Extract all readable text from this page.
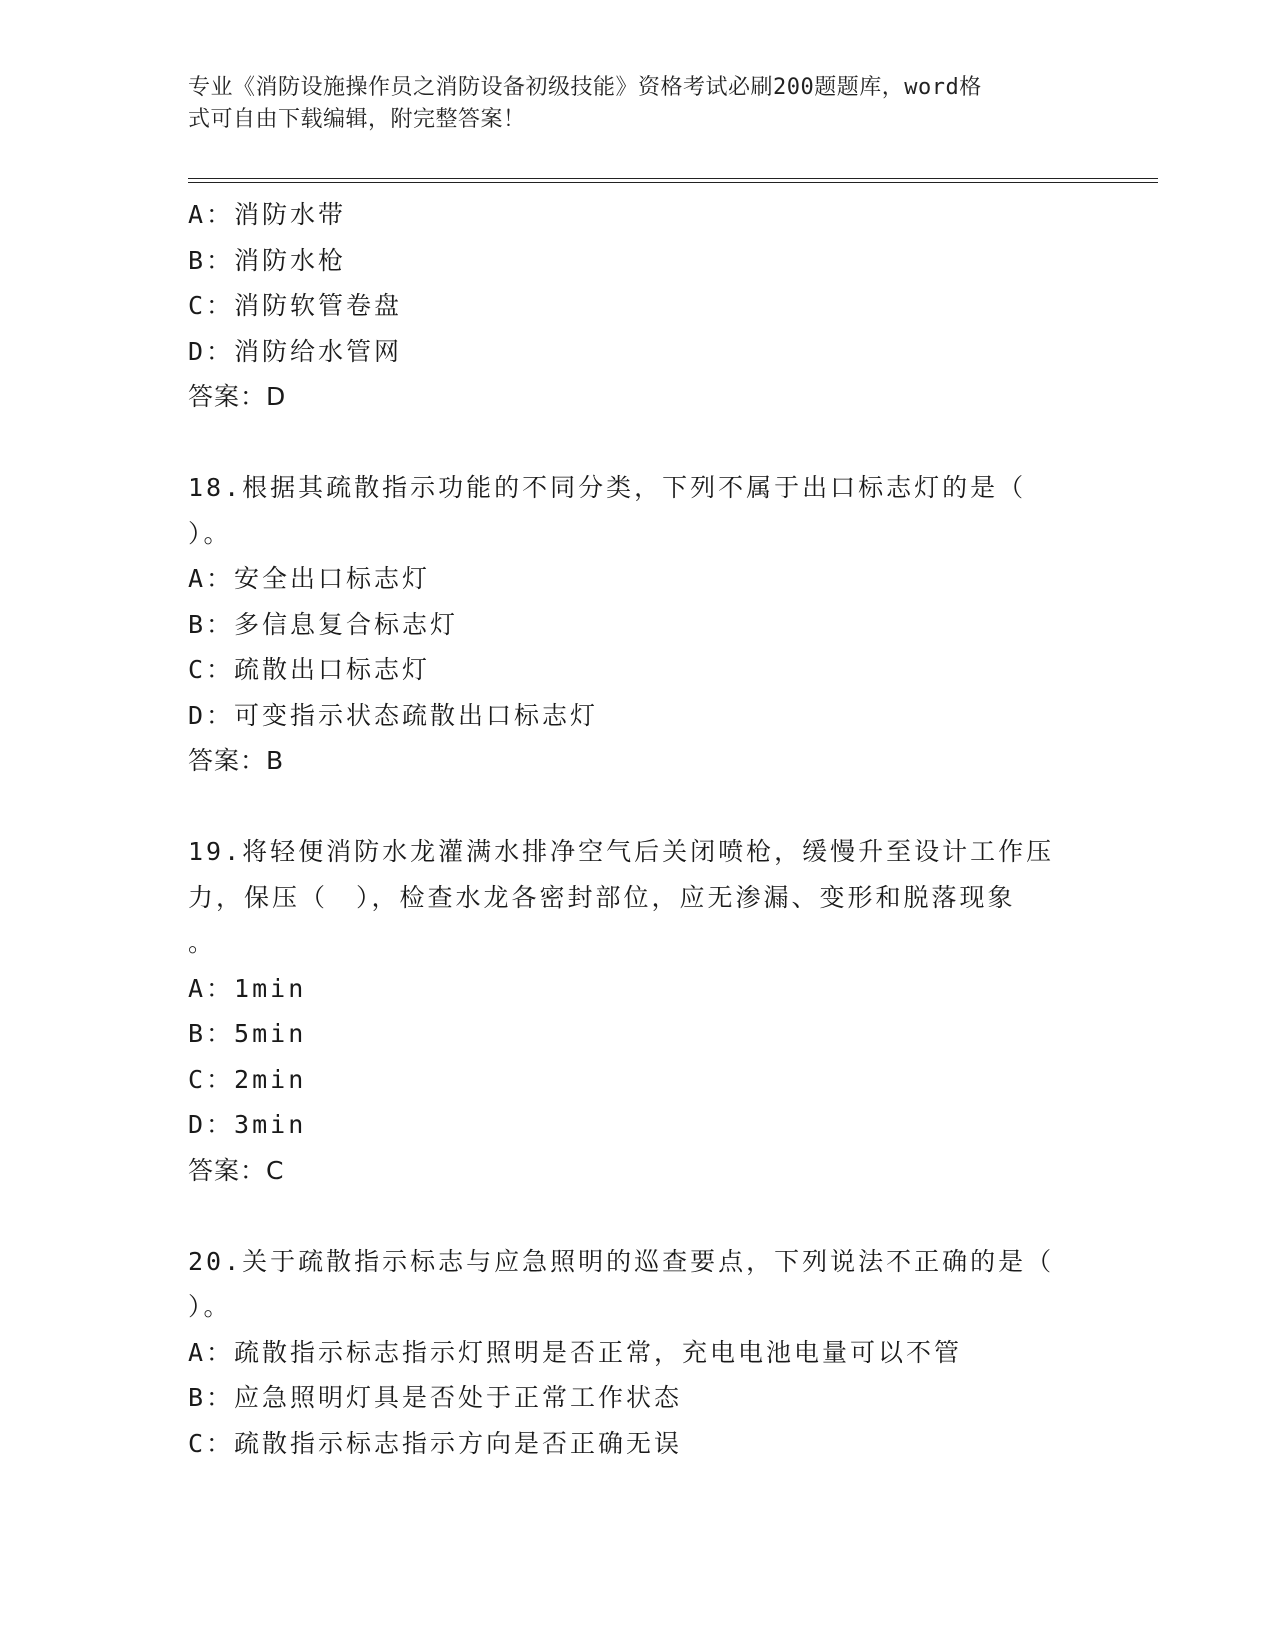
专业《消防设施操作员之消防设备初级技能》资格考试必刷200题题库，word格
式可自由下载编辑，附完整答案！
A：消防水带
B：消防水枪
C：消防软管卷盘
D：消防给水管网
答案：D
18.根据其疏散指示功能的不同分类，下列不属于出口标志灯的是（
）。
A：安全出口标志灯
B：多信息复合标志灯
C：疏散出口标志灯
D：可变指示状态疏散出口标志灯
答案：B
19.将轻便消防水龙灌满水排净空气后关闭喷枪，缓慢升至设计工作压
力，保压（　），检查水龙各密封部位，应无渗漏、变形和脱落现象
。
A：1min
B：5min
C：2min
D：3min
答案：C
20.关于疏散指示标志与应急照明的巡查要点，下列说法不正确的是（
）。
A：疏散指示标志指示灯照明是否正常，充电电池电量可以不管
B：应急照明灯具是否处于正常工作状态
C：疏散指示标志指示方向是否正确无误
